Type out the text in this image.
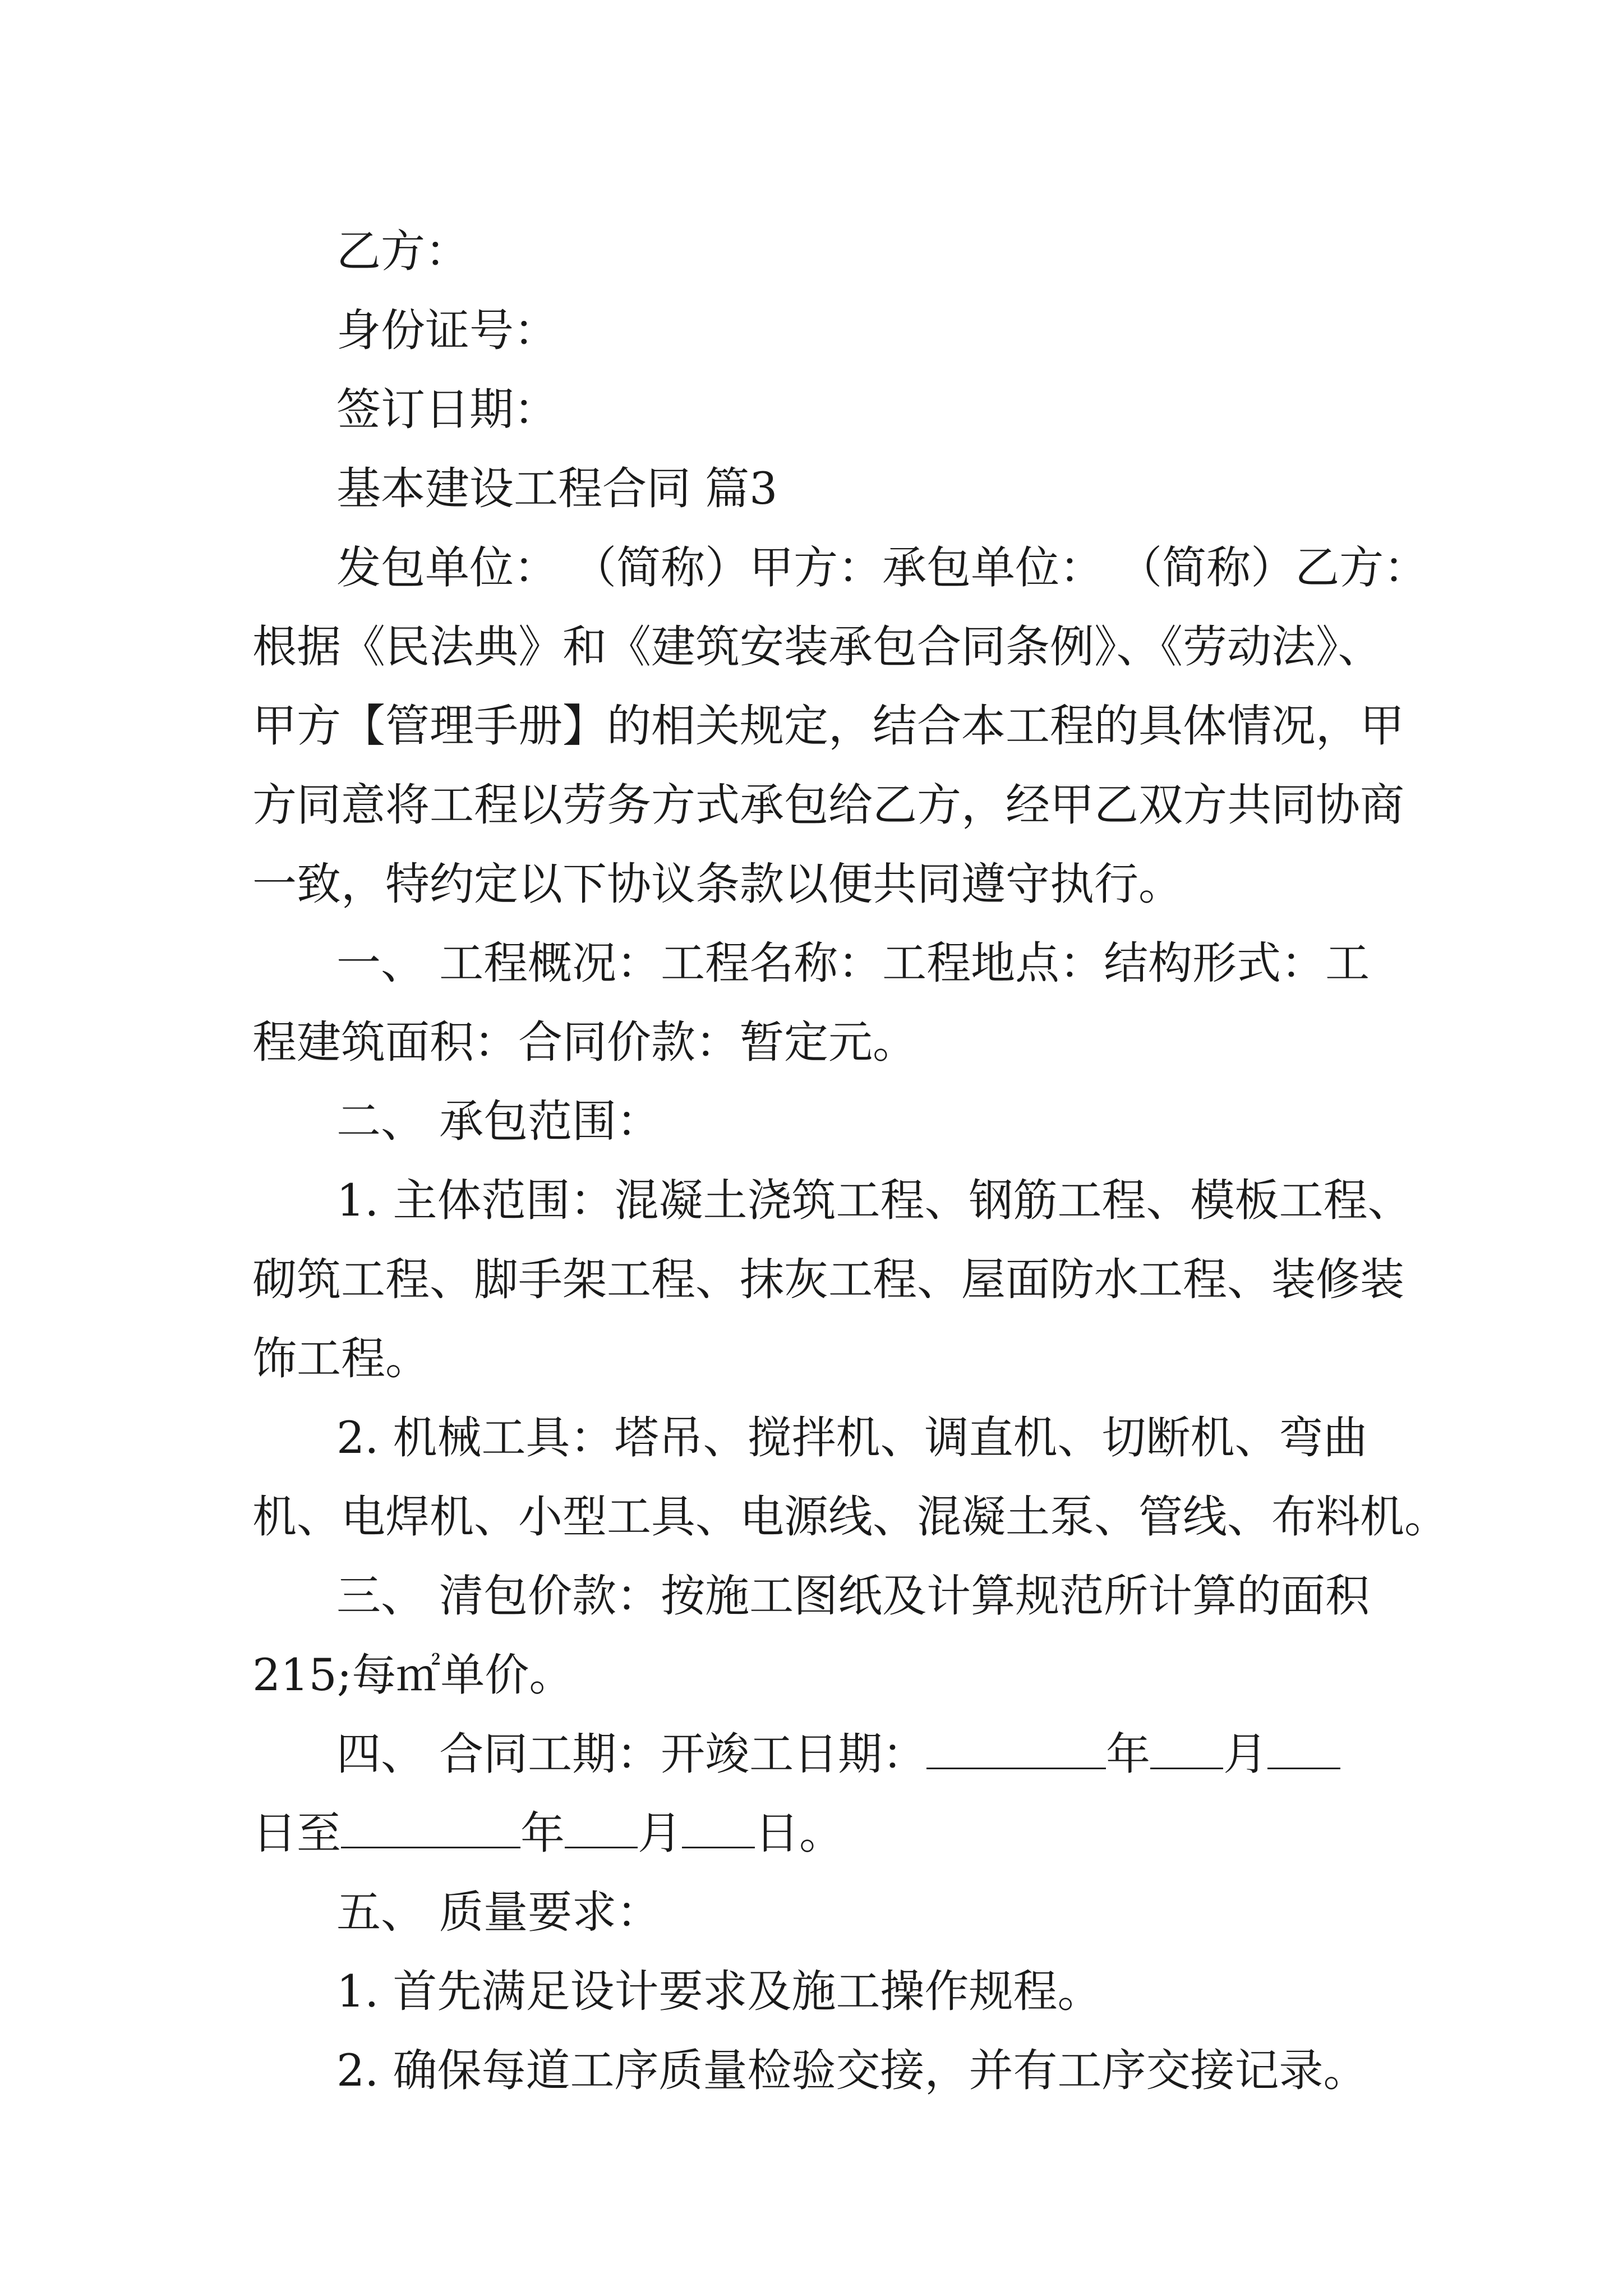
乙方：
身份证号：
签订日期：
基本建设工程合同 篇3
发包单位： （简称）甲方：承包单位： （简称）乙方：
根据《民法典》和《建筑安装承包合同条例》、《劳动法》、
甲方【管理手册】的相关规定，结合本工程的具体情况，甲
方同意将工程以劳务方式承包给乙方，经甲乙双方共同协商
一致，特约定以下协议条款以便共同遵守执行。
一、 工程概况：工程名称：工程地点：结构形式：工
程建筑面积：合同价款：暂定元。
二、 承包范围：
1. 主体范围：混凝土浇筑工程、钢筋工程、模板工程、
砌筑工程、脚手架工程、抹灰工程、屋面防水工程、装修装
饰工程。
2. 机械工具：塔吊、搅拌机、调直机、切断机、弯曲
机、电焊机、小型工具、电源线、混凝土泵、管线、布料机。
三、 清包价款：按施工图纸及计算规范所计算的面积
215;每㎡单价。
四、 合同工期：开竣工日期：	年 月
日至	年 月 日。
五、 质量要求：
1. 首先满足设计要求及施工操作规程。
2. 确保每道工序质量检验交接，并有工序交接记录。
